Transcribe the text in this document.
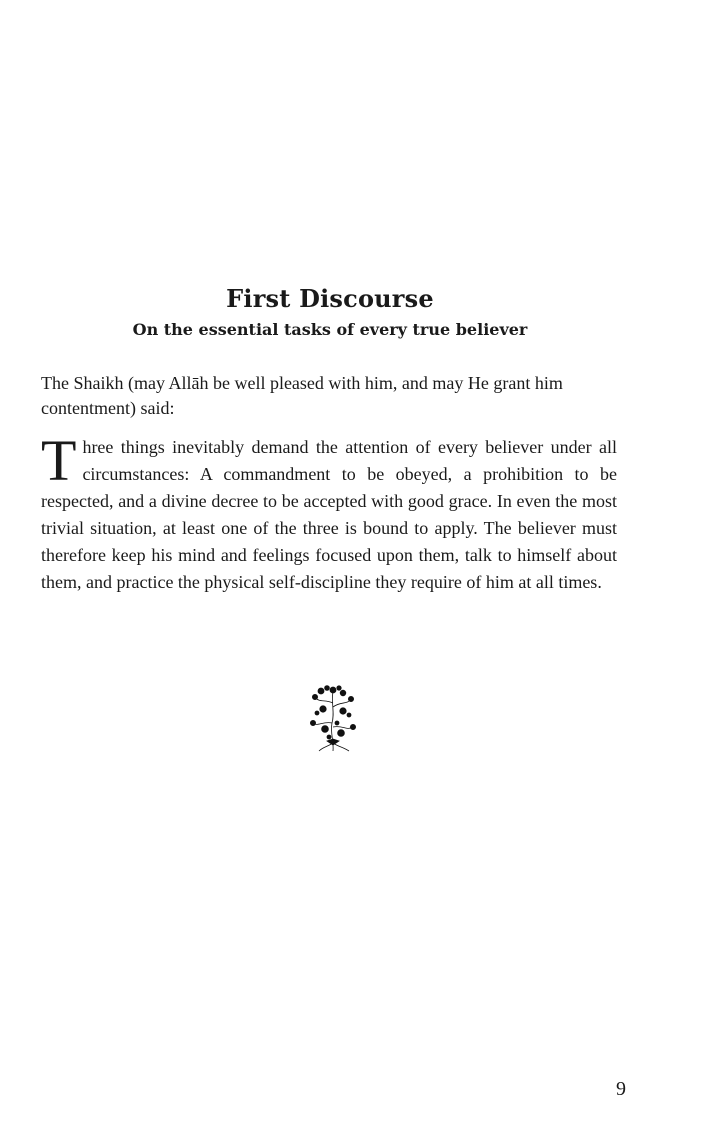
First Discourse
On the essential tasks of every true believer

The Shaikh (may Allāh be well pleased with him, and may He grant him contentment) said:

Three things inevitably demand the attention of every believer under all circumstances: A commandment to be obeyed, a prohibition to be respected, and a divine decree to be accepted with good grace. In even the most trivial situation, at least one of the three is bound to apply. The believer must therefore keep his mind and feelings focused upon them, talk to himself about them, and practice the physical self-discipline they require of him at all times.

9
